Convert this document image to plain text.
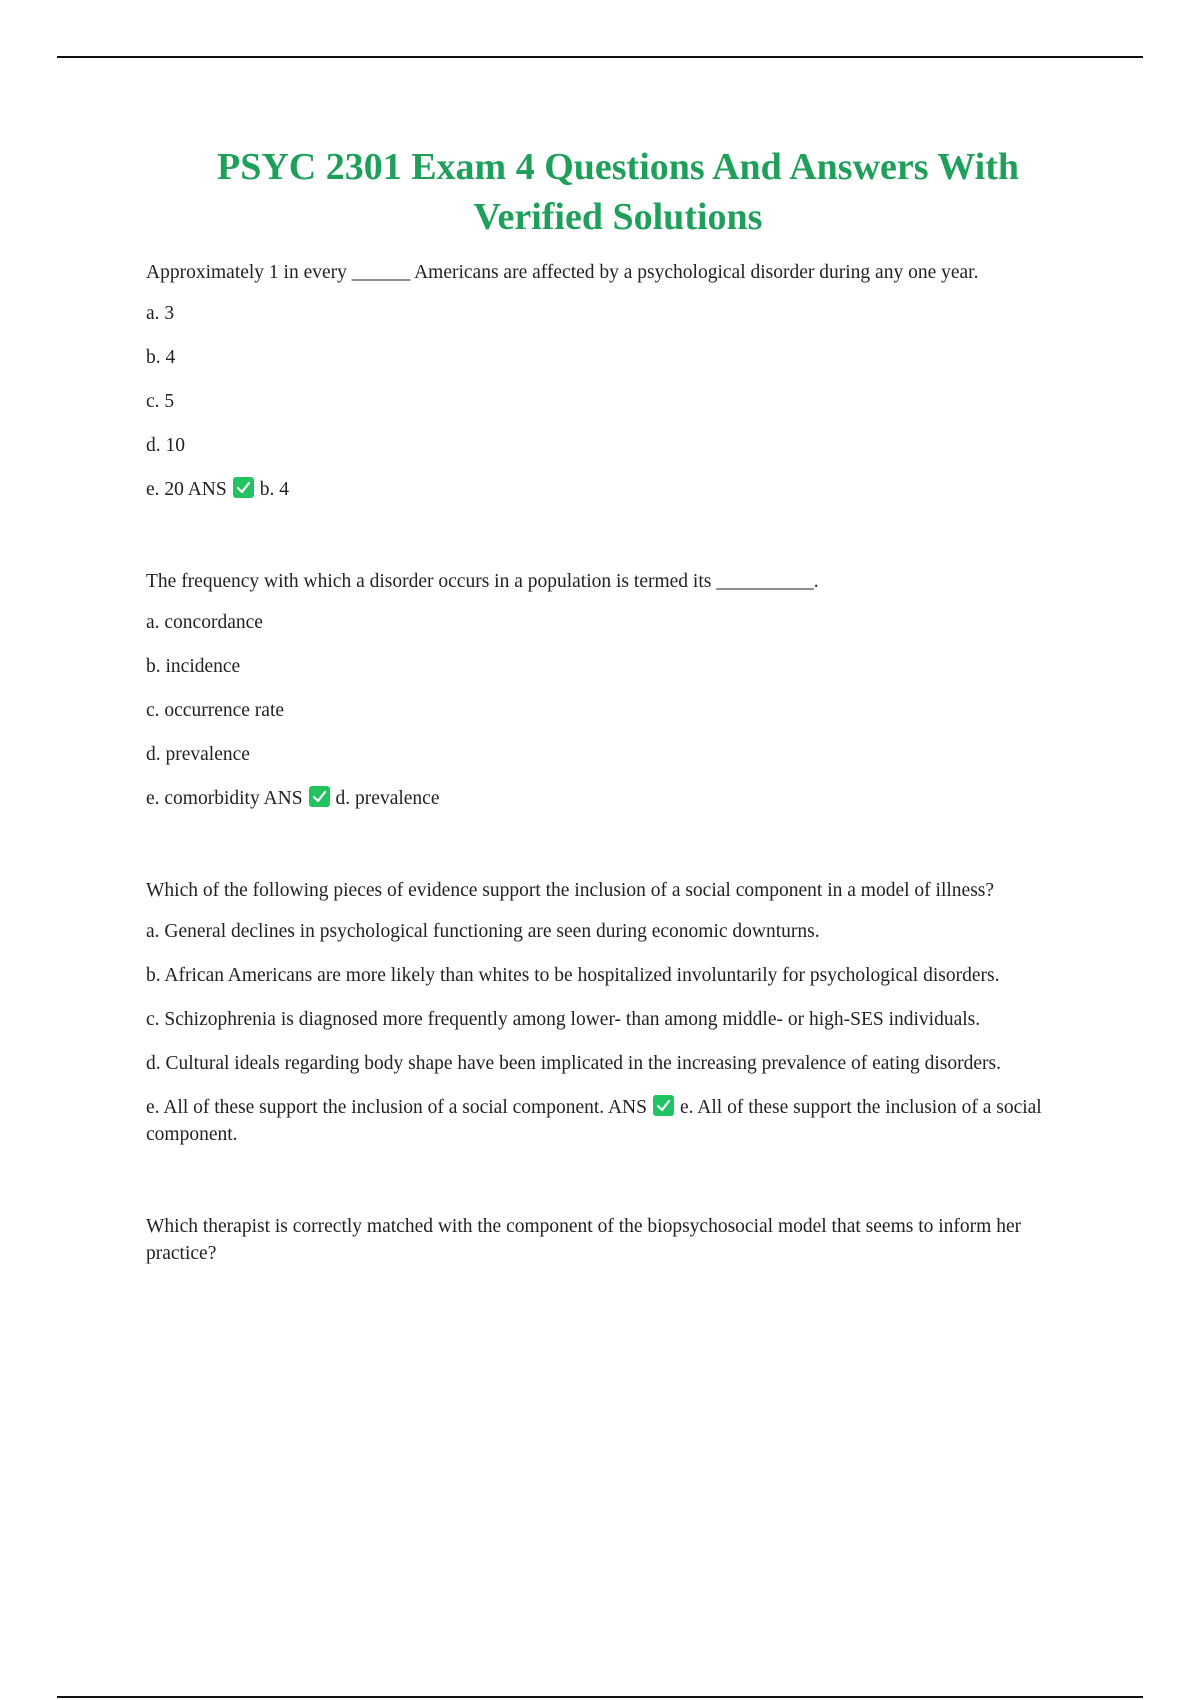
PSYC 2301 Exam 4 Questions And Answers With Verified Solutions

Approximately 1 in every ______ Americans are affected by a psychological disorder during any one year.

a. 3

b. 4

c. 5

d. 10

e. 20 ANS b. 4

The frequency with which a disorder occurs in a population is termed its __________.

a. concordance

b. incidence

c. occurrence rate

d. prevalence

e. comorbidity ANS d. prevalence

Which of the following pieces of evidence support the inclusion of a social component in a model of illness?

a. General declines in psychological functioning are seen during economic downturns.

b. African Americans are more likely than whites to be hospitalized involuntarily for psychological disorders.

c. Schizophrenia is diagnosed more frequently among lower- than among middle- or high-SES individuals.

d. Cultural ideals regarding body shape have been implicated in the increasing prevalence of eating disorders.

e. All of these support the inclusion of a social component. ANS e. All of these support the inclusion of a social component.

Which therapist is correctly matched with the component of the biopsychosocial model that seems to inform her practice?
